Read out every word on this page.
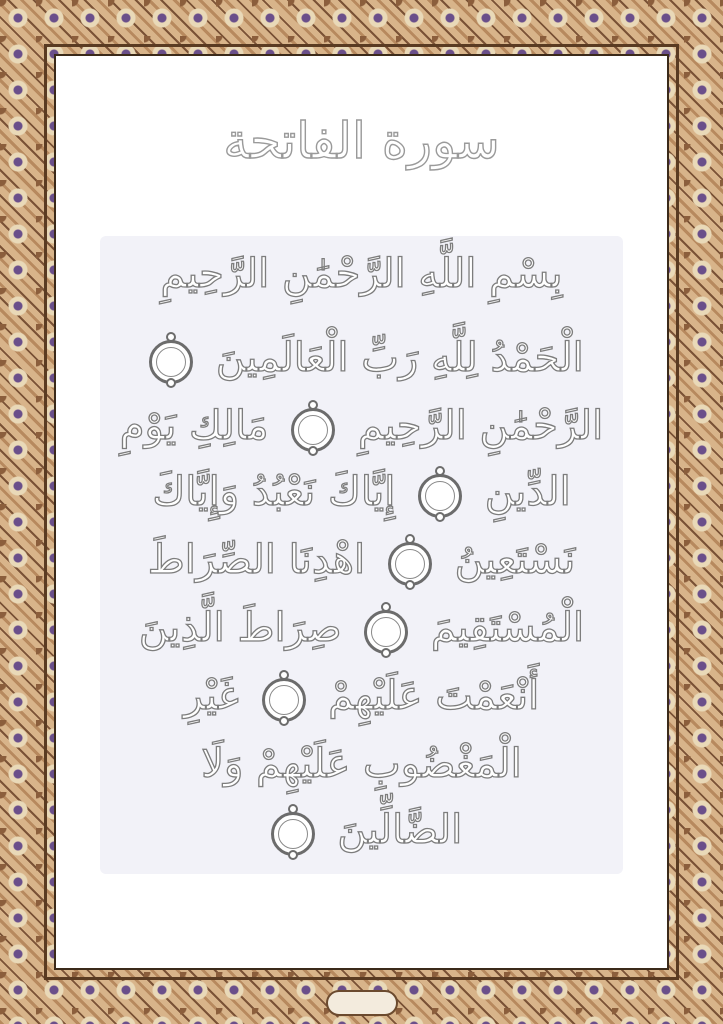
سورة الفاتحة
بِسْمِ اللَّهِ الرَّحْمَٰنِ الرَّحِيمِ
الْحَمْدُ لِلَّهِ رَبِّ الْعَالَمِينَ
الرَّحْمَٰنِ الرَّحِيمِ
مَالِكِ يَوْمِ
الدِّينِ
إِيَّاكَ نَعْبُدُ وَإِيَّاكَ
نَسْتَعِينُ
اهْدِنَا الصِّرَاطَ
الْمُسْتَقِيمَ
صِرَاطَ الَّذِينَ
أَنْعَمْتَ عَلَيْهِمْ
غَيْرِ
الْمَغْضُوبِ عَلَيْهِمْ وَلَا
الضَّالِّينَ
